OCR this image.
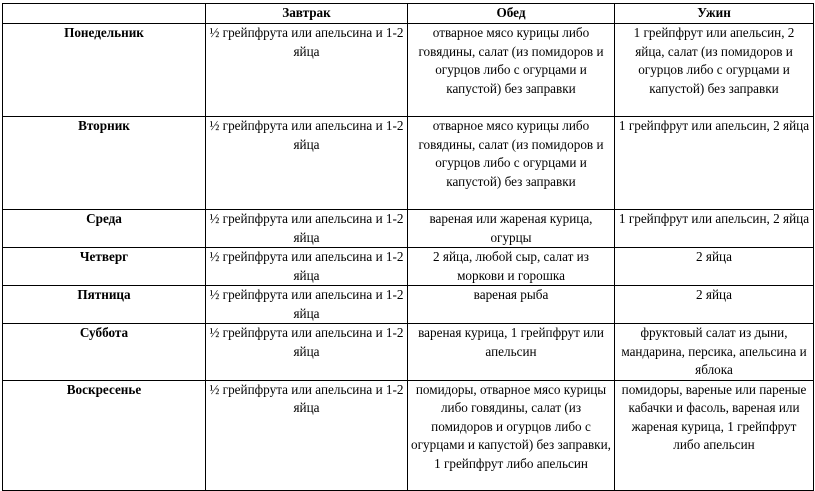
	Завтрак	Обед	Ужин
Понедельник	½ грейпфрута или апельсина и 1-2 яйца	отварное мясо курицы либо говядины, салат (из помидоров и огурцов либо с огурцами и капустой) без заправки	1 грейпфрут или апельсин, 2 яйца, салат (из помидоров и огурцов либо с огурцами и капустой) без заправки
Вторник	½ грейпфрута или апельсина и 1-2 яйца	отварное мясо курицы либо говядины, салат (из помидоров и огурцов либо с огурцами и капустой) без заправки	1 грейпфрут или апельсин, 2 яйца
Среда	½ грейпфрута или апельсина и 1-2 яйца	вареная или жареная курица, огурцы	1 грейпфрут или апельсин, 2 яйца
Четверг	½ грейпфрута или апельсина и 1-2 яйца	2 яйца, любой сыр, салат из моркови и горошка	2 яйца
Пятница	½ грейпфрута или апельсина и 1-2 яйца	вареная рыба	2 яйца
Суббота	½ грейпфрута или апельсина и 1-2 яйца	вареная курица, 1 грейпфрут или апельсин	фруктовый салат из дыни, мандарина, персика, апельсина и яблока
Воскресенье	½ грейпфрута или апельсина и 1-2 яйца	помидоры, отварное мясо курицы либо говядины, салат (из помидоров и огурцов либо с огурцами и капустой) без заправки, 1 грейпфрут либо апельсин	помидоры, вареные или пареные кабачки и фасоль, вареная или жареная курица, 1 грейпфрут либо апельсин
